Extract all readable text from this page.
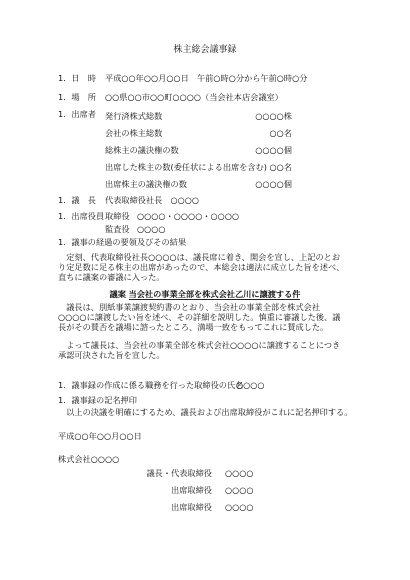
株主総会議事録
1．日　時 平成○○年○○月○○日　午前○時○分から午前○時○分
1．場　所 ○○県○○市○○町○○○○（当会社本店会議室）
1．出席者 発行済株式総数	○○○○株
会社の株主総数	○○名
総株主の議決権の数	○○○○個
出席した株主の数(委任状による出席を含む) ○○名
出席株主の議決権の数	○○○○個
1．議　長 代表取締役社長　○○○○
1．出席役員 取締役 ○○○○・○○○○・○○○○
監査役 ○○○○
1．議事の経過の要領及びその結果
　定刻、代表取締役社長○○○○は、議長席に着き、開会を宣し、上記のとおり定足数に足る株主の出席があったので、本総会は適法に成立した旨を述べ、直ちに議案の審議に入った。
議案 当会社の事業全部を株式会社乙川に譲渡する件
　議長は、別紙事業譲渡契約書のとおり、当会社の事業全部を株式会社○○○○に譲渡したい旨を述べ、その詳細を説明した。慎重に審議した後、議長がその賛否を議場に諮ったところ、満場一致をもってこれに賛成した。
　よって議長は、当会社の事業全部を株式会社○○○○に譲渡することにつき承認可決された旨を宣した。
1．議事録の作成に係る職務を行った取締役の氏名
○○○○
1．議事録の記名押印
　以上の決議を明確にするため、議長および出席取締役がこれに記名押印する。
平成○○年○○月○○日
株式会社○○○○
議長・代表取締役 ○○○○
出席取締役 ○○○○
出席取締役 ○○○○
